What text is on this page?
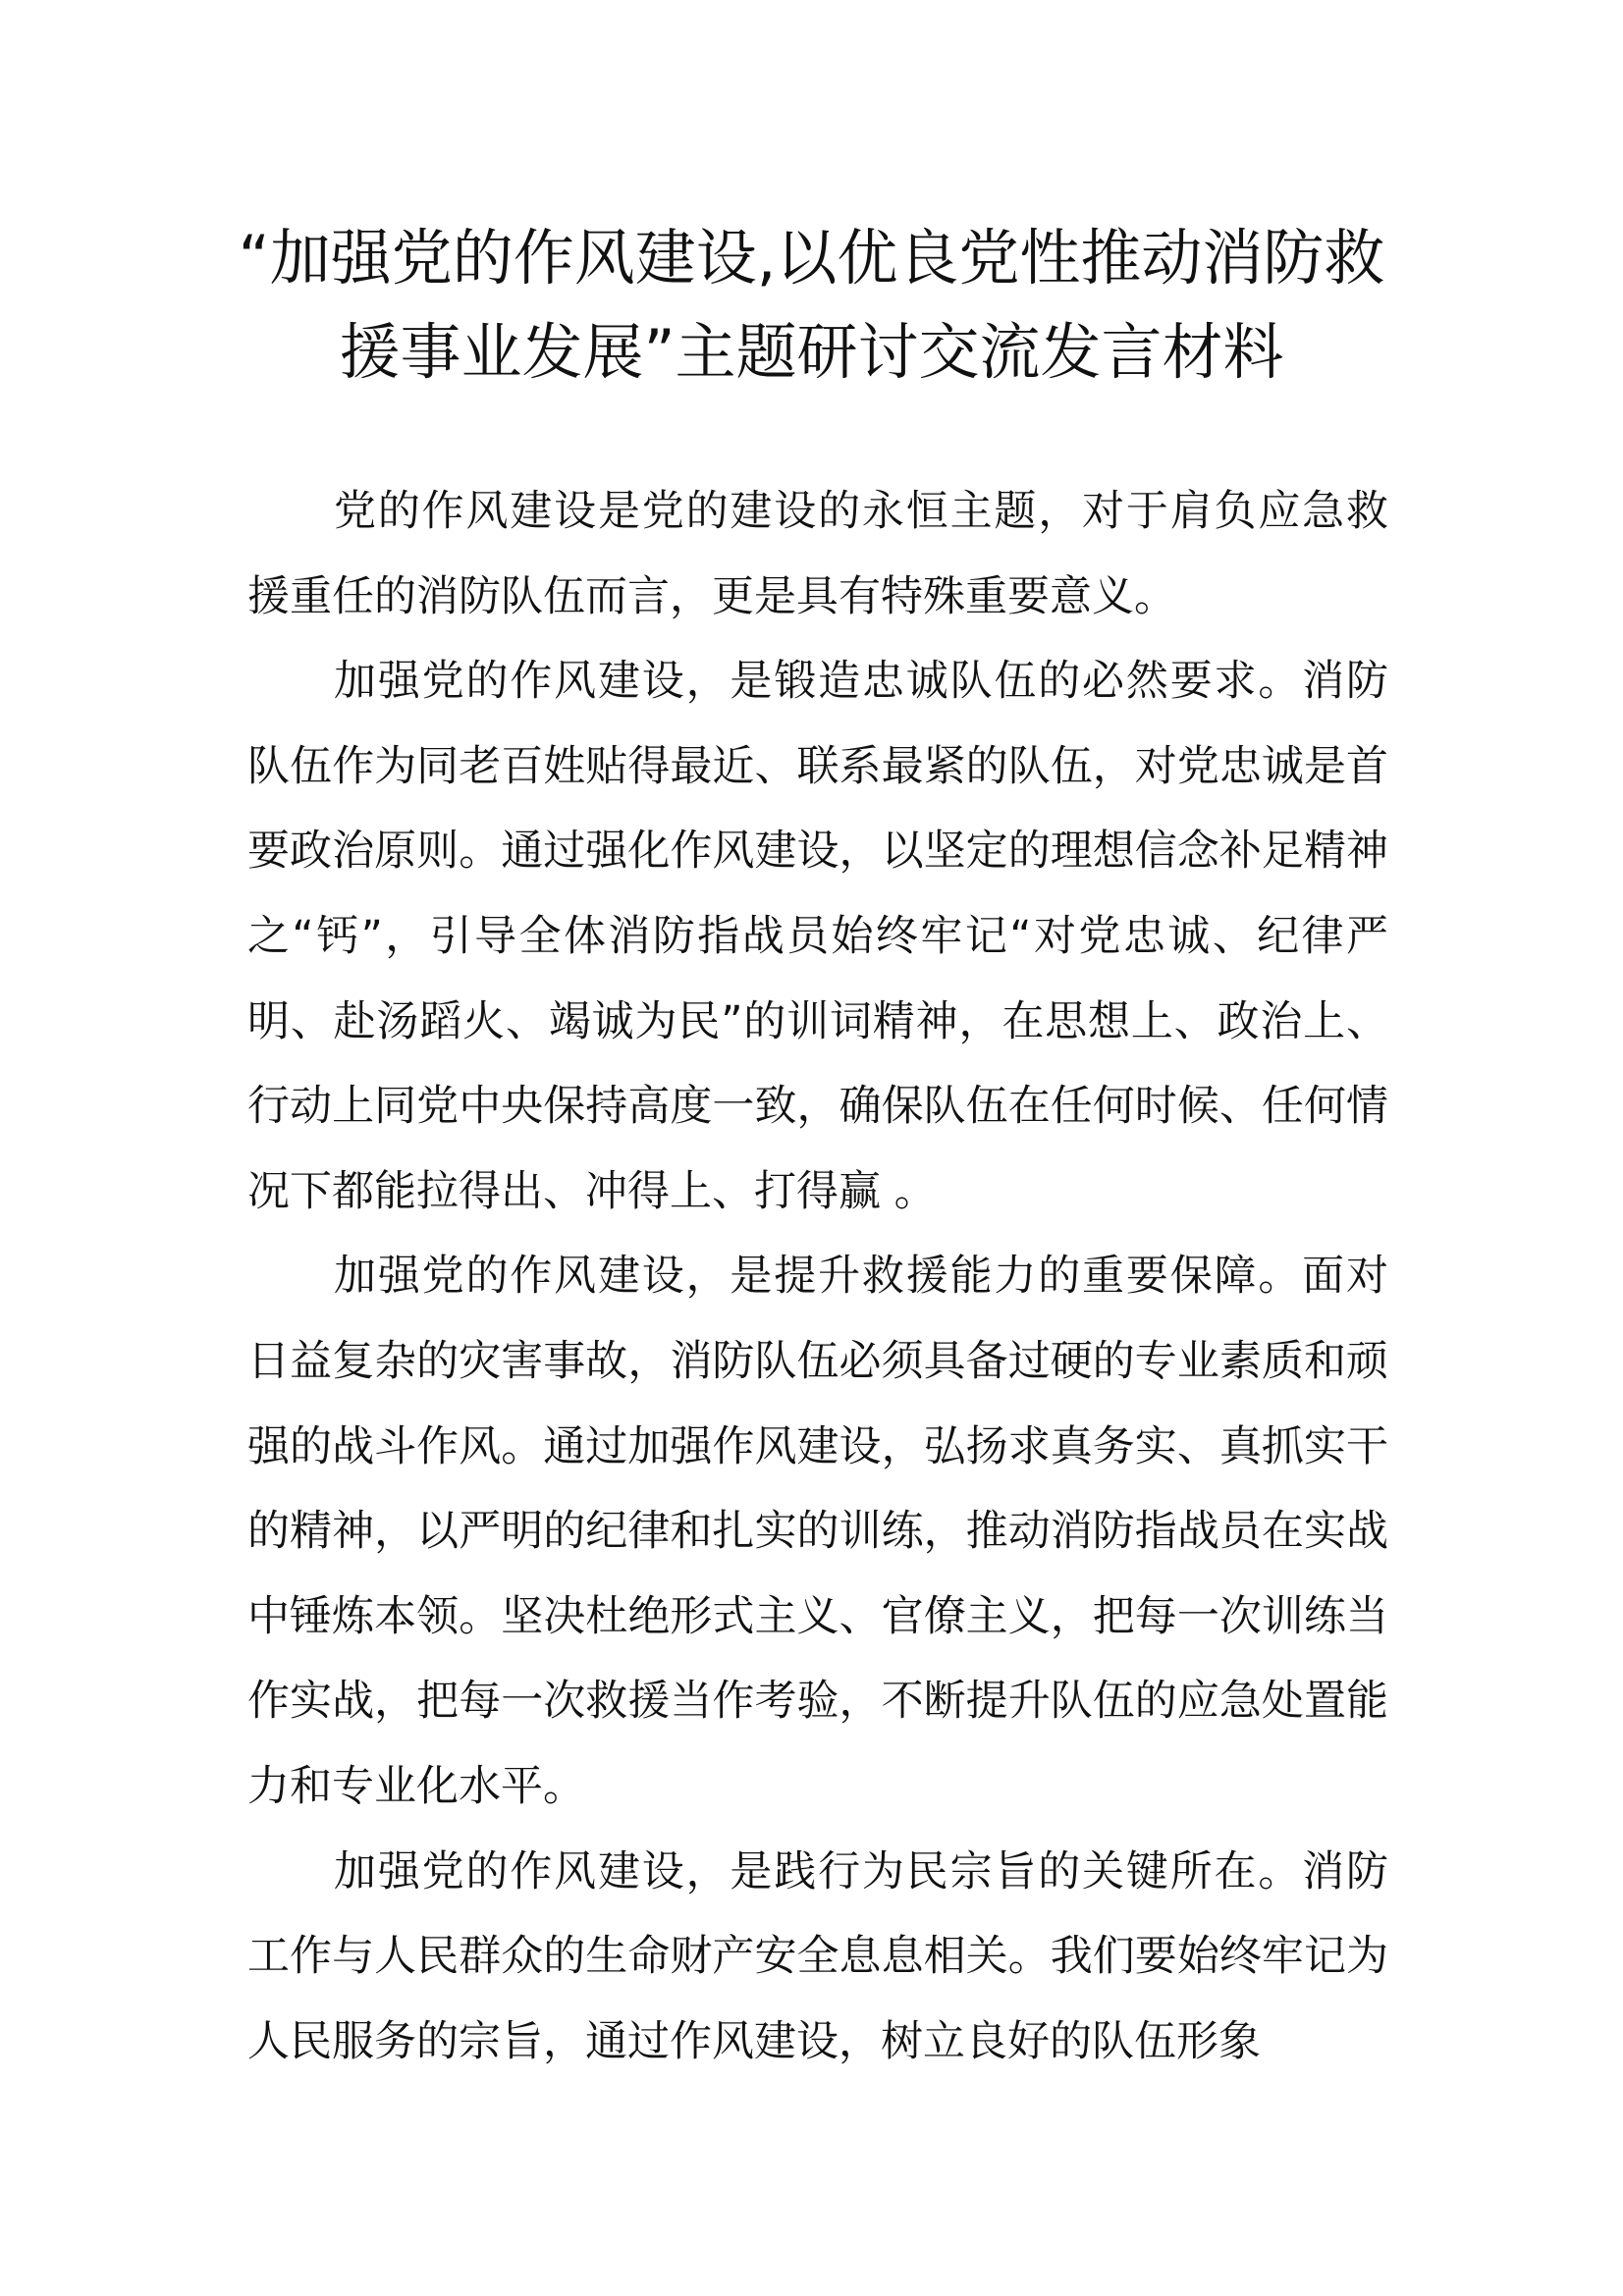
“加强党的作风建设,以优良党性推动消防救
援事业发展”主题研讨交流发言材料

党的作风建设是党的建设的永恒主题，对于肩负应急救援重任的消防队伍而言，更是具有特殊重要意义。

加强党的作风建设，是锻造忠诚队伍的必然要求。消防队伍作为同老百姓贴得最近、联系最紧的队伍，对党忠诚是首要政治原则。通过强化作风建设，以坚定的理想信念补足精神之“钙”，引导全体消防指战员始终牢记“对党忠诚、纪律严明、赴汤蹈火、竭诚为民”的训词精神，在思想上、政治上、行动上同党中央保持高度一致，确保队伍在任何时候、任何情况下都能拉得出、冲得上、打得赢 。

加强党的作风建设，是提升救援能力的重要保障。面对日益复杂的灾害事故，消防队伍必须具备过硬的专业素质和顽强的战斗作风。通过加强作风建设，弘扬求真务实、真抓实干的精神，以严明的纪律和扎实的训练，推动消防指战员在实战中锤炼本领。坚决杜绝形式主义、官僚主义，把每一次训练当作实战，把每一次救援当作考验，不断提升队伍的应急处置能力和专业化水平。

加强党的作风建设，是践行为民宗旨的关键所在。消防工作与人民群众的生命财产安全息息相关。我们要始终牢记为人民服务的宗旨，通过作风建设，树立良好的队伍形象
